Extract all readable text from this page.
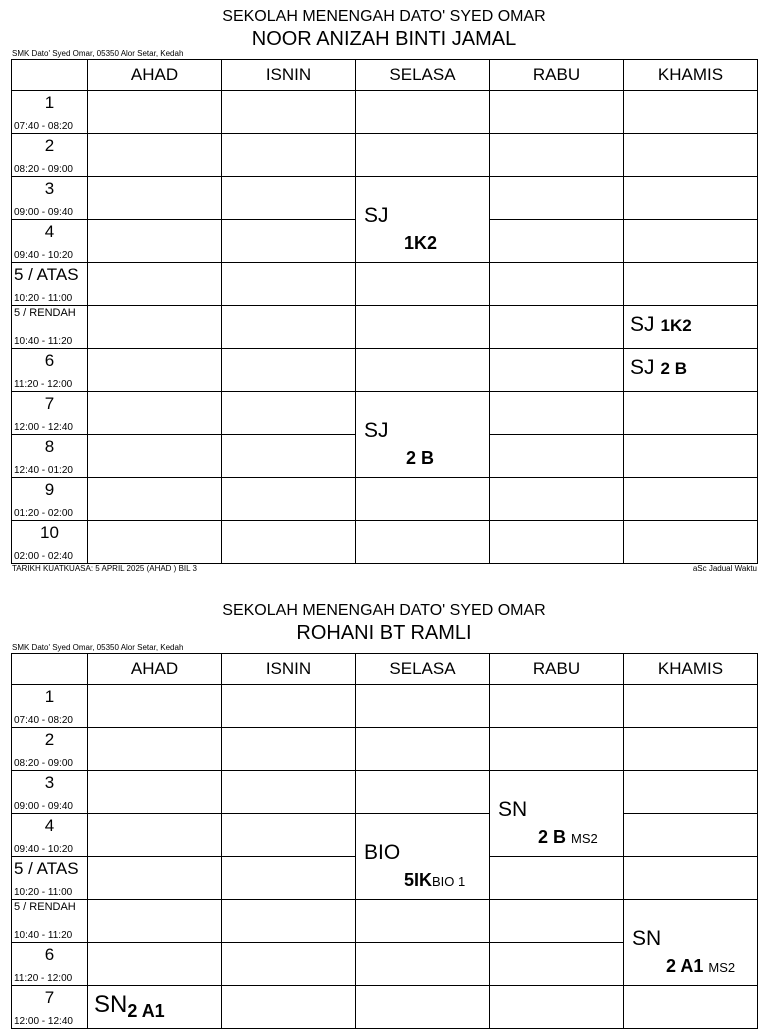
SEKOLAH MENENGAH DATO' SYED OMAR
NOOR ANIZAH BINTI JAMAL
SMK Dato' Syed Omar, 05350 Alor Setar, Kedah
	AHAD	ISNIN	SELASA	RABU	KHAMIS

1
07:40 - 08:20					

2
08:20 - 09:00					

3
09:00 - 09:40			SJ
1K2		

4
09:40 - 10:20					

5 / ATAS
10:20 - 11:00					

5 / RENDAH
10:40 - 11:20					SJ 1K2

6
11:20 - 12:00					SJ 2 B

7
12:00 - 12:40			SJ
2 B		

8
12:40 - 01:20					

9
01:20 - 02:00					

10
02:00 - 02:40					

TARIKH KUATKUASA: 5 APRIL 2025 (AHAD ) BIL 3	aSc Jadual Waktu
SEKOLAH MENENGAH DATO' SYED OMAR
ROHANI BT RAMLI
SMK Dato' Syed Omar, 05350 Alor Setar, Kedah
	AHAD	ISNIN	SELASA	RABU	KHAMIS

1
07:40 - 08:20					

2
08:20 - 09:00					

3
09:00 - 09:40				SN
2 B MS2	

4
09:40 - 10:20			BIO
5IKBIO 1		

5 / ATAS
10:20 - 11:00					

5 / RENDAH
10:40 - 11:20					SN
2 A1 MS2

6
11:20 - 12:00					

7
12:00 - 12:40	$SN_{2 A1}$
